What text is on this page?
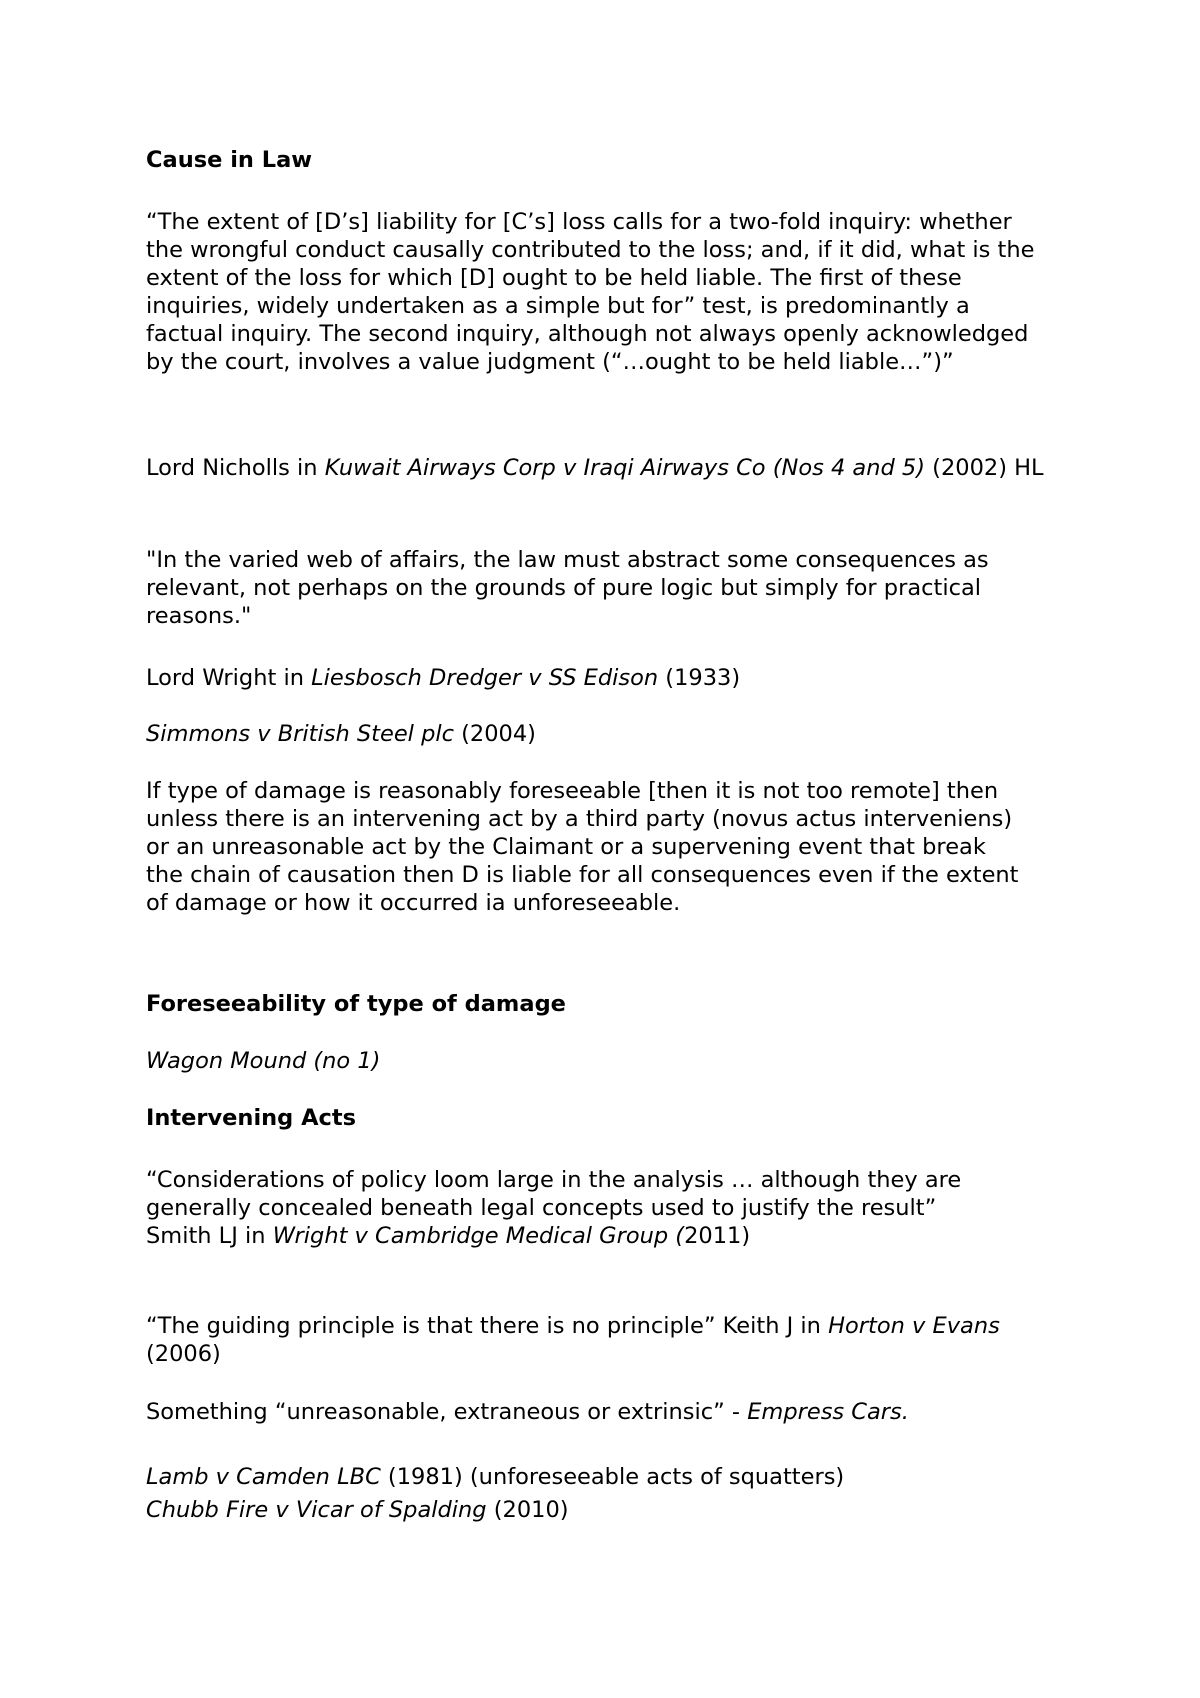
Cause in Law

“The extent of [D’s] liability for [C’s] loss calls for a two-fold inquiry: whether the wrongful conduct causally contributed to the loss; and, if it did, what is the extent of the loss for which [D] ought to be held liable. The first of these inquiries, widely undertaken as a simple but for” test, is predominantly a factual inquiry. The second inquiry, although not always openly acknowledged by the court, involves a value judgment (“…ought to be held liable…”)”

Lord Nicholls in Kuwait Airways Corp v Iraqi Airways Co (Nos 4 and 5) (2002) HL

"In the varied web of affairs, the law must abstract some consequences as relevant, not perhaps on the grounds of pure logic but simply for practical reasons."

Lord Wright in Liesbosch Dredger v SS Edison (1933)

Simmons v British Steel plc (2004)

If type of damage is reasonably foreseeable [then it is not too remote] then unless there is an intervening act by a third party (novus actus interveniens) or an unreasonable act by the Claimant or a supervening event that break the chain of causation then D is liable for all consequences even if the extent of damage or how it occurred ia unforeseeable.

Foreseeability of type of damage

Wagon Mound (no 1)

Intervening Acts

“Considerations of policy loom large in the analysis … although they are generally concealed beneath legal concepts used to justify the result” Smith LJ in Wright v Cambridge Medical Group (2011)

“The guiding principle is that there is no principle” Keith J in Horton v Evans (2006)

Something “unreasonable, extraneous or extrinsic” - Empress Cars.

Lamb v Camden LBC (1981) (unforeseeable acts of squatters)

Chubb Fire v Vicar of Spalding (2010)
